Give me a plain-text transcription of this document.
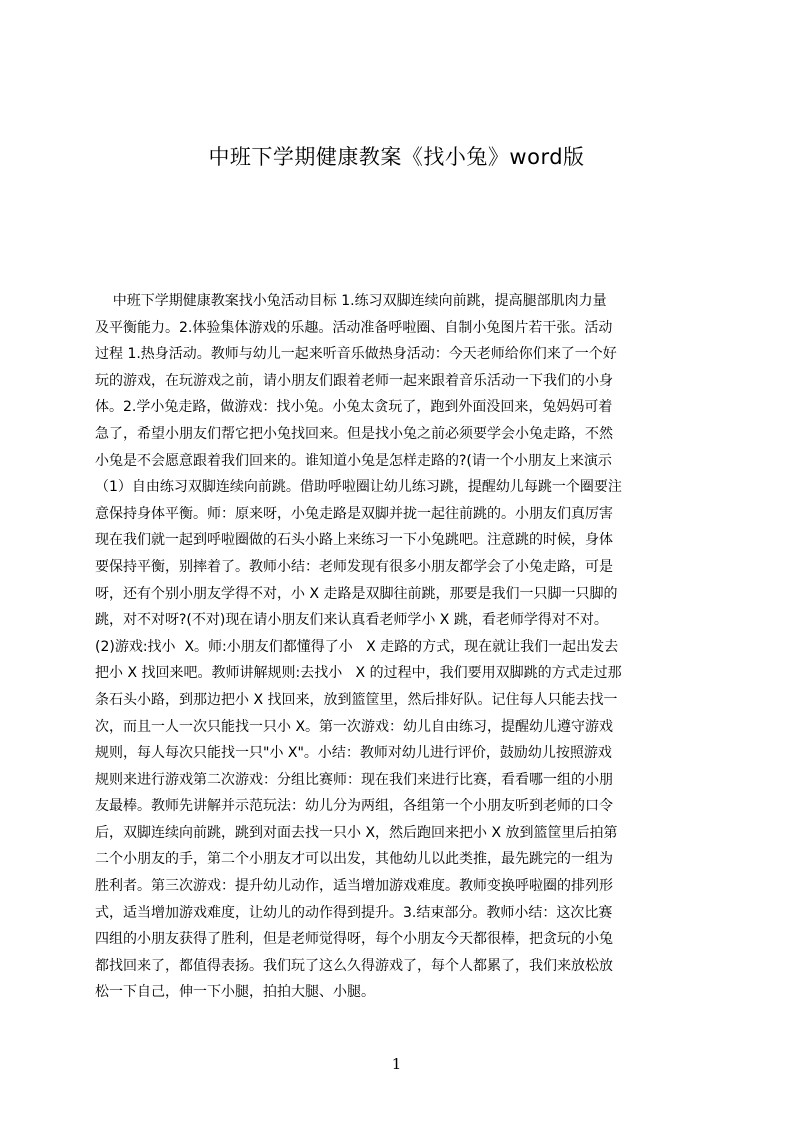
中班下学期健康教案《找小兔》word版
中班下学期健康教案找小兔活动目标 1.练习双脚连续向前跳，提高腿部肌肉力量
及平衡能力。2.体验集体游戏的乐趣。活动准备呼啦圈、自制小兔图片若干张。活动
过程 1.热身活动。教师与幼儿一起来听音乐做热身活动：今天老师给你们来了一个好
玩的游戏，在玩游戏之前，请小朋友们跟着老师一起来跟着音乐活动一下我们的小身
体。2.学小兔走路，做游戏：找小兔。小兔太贪玩了，跑到外面没回来，兔妈妈可着
急了，希望小朋友们帮它把小兔找回来。但是找小兔之前必须要学会小兔走路，不然
小兔是不会愿意跟着我们回来的。谁知道小兔是怎样走路的?(请一个小朋友上来演示
（1）自由练习双脚连续向前跳。借助呼啦圈让幼儿练习跳，提醒幼儿每跳一个圈要注
意保持身体平衡。师：原来呀，小兔走路是双脚并拢一起往前跳的。小朋友们真厉害
现在我们就一起到呼啦圈做的石头小路上来练习一下小兔跳吧。注意跳的时候，身体
要保持平衡，别摔着了。教师小结：老师发现有很多小朋友都学会了小兔走路，可是
呀，还有个别小朋友学得不对，小 X 走路是双脚往前跳，那要是我们一只脚一只脚的
跳，对不对呀?(不对)现在请小朋友们来认真看老师学小 X 跳，看老师学得对不对。
(2)游戏:找小  X。师:小朋友们都懂得了小   X 走路的方式，现在就让我们一起出发去
把小 X 找回来吧。教师讲解规则:去找小   X 的过程中，我们要用双脚跳的方式走过那
条石头小路，到那边把小 X 找回来，放到篮筐里，然后排好队。记住每人只能去找一
次，而且一人一次只能找一只小 X。第一次游戏：幼儿自由练习，提醒幼儿遵守游戏
规则，每人每次只能找一只"小 X"。小结：教师对幼儿进行评价，鼓励幼儿按照游戏
规则来进行游戏第二次游戏：分组比赛师：现在我们来进行比赛，看看哪一组的小朋
友最棒。教师先讲解并示范玩法：幼儿分为两组，各组第一个小朋友听到老师的口令
后，双脚连续向前跳，跳到对面去找一只小 X，然后跑回来把小 X 放到篮筐里后拍第
二个小朋友的手，第二个小朋友才可以出发，其他幼儿以此类推，最先跳完的一组为
胜利者。第三次游戏：提升幼儿动作，适当增加游戏难度。教师变换呼啦圈的排列形
式，适当增加游戏难度，让幼儿的动作得到提升。3.结束部分。教师小结：这次比赛
四组的小朋友获得了胜利，但是老师觉得呀，每个小朋友今天都很棒，把贪玩的小兔
都找回来了，都值得表扬。我们玩了这么久得游戏了，每个人都累了，我们来放松放
松一下自己，伸一下小腿，拍拍大腿、小腿。
1
